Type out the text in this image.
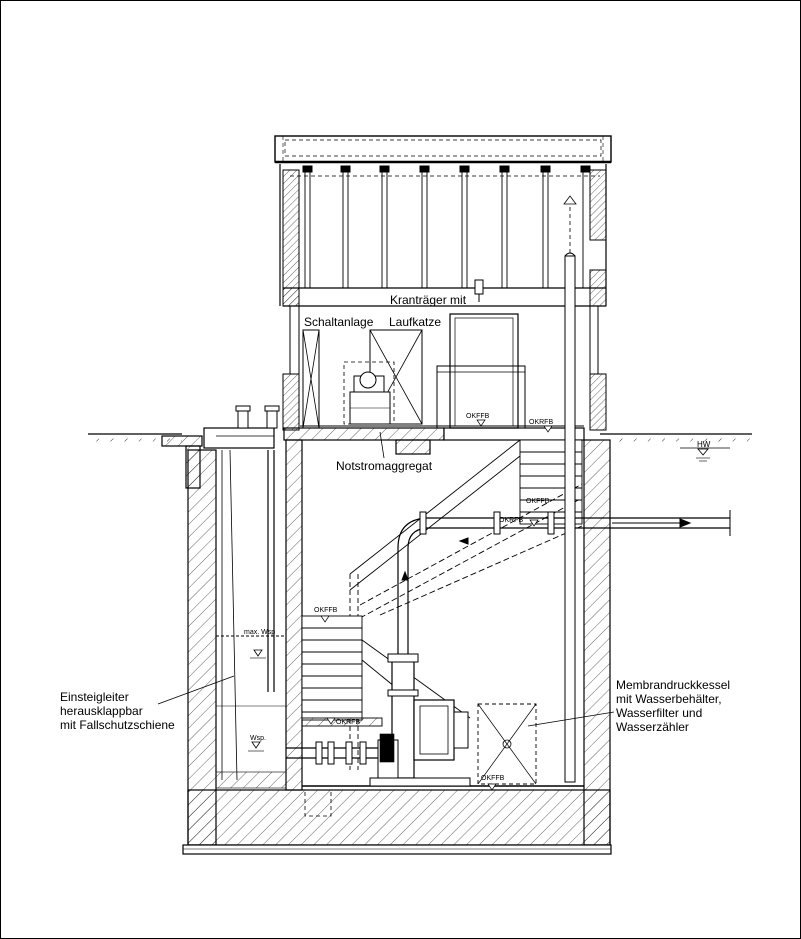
Kranträger mit
Schaltanlage Laufkatze
Notstromaggregat
HW
OKFFB
OKRFB
OKRFB
OKFFB
OKFFB
OKRFB
OKFFB
max. Wsp
Wsp.
Einsteigleiter
herausklappbar
mit Fallschutzschiene
Membrandruckkessel
mit Wasserbehälter,
Wasserfilter und
Wasserzähler
